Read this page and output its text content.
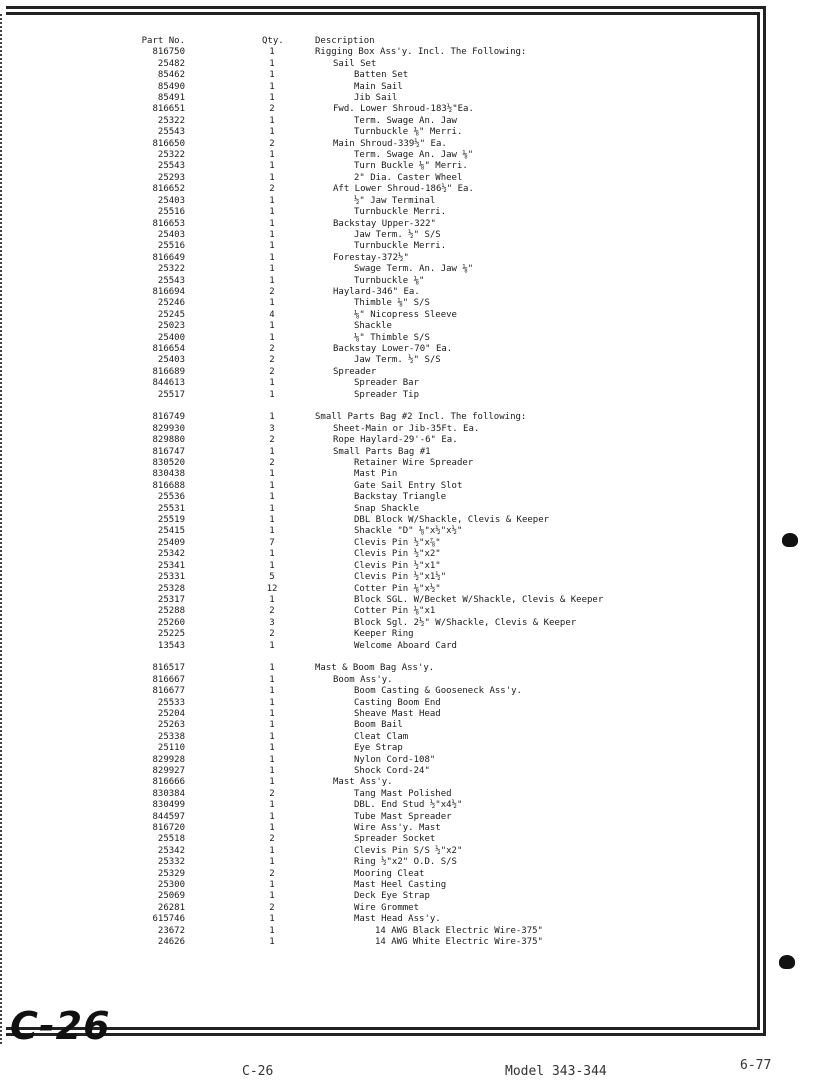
Part No.	Qty.	Description
816750	1	Rigging Box Ass'y. Incl. The Following:
25482	1	Sail Set
85462	1	Batten Set
85490	1	Main Sail
85491	1	Jib Sail
816651	2	Fwd. Lower Shroud-183½"Ea.
25322	1	Term. Swage An. Jaw
25543	1	Turnbuckle ⅛" Merri.
816650	2	Main Shroud-339½" Ea.
25322	1	Term. Swage An. Jaw ⅛"
25543	1	Turn Buckle ⅛" Merri.
25293	1	2" Dia. Caster Wheel
816652	2	Aft Lower Shroud-186½" Ea.
25403	1	½" Jaw Terminal
25516	1	Turnbuckle Merri.
816653	1	Backstay Upper-322"
25403	1	Jaw Term. ½" S/S
25516	1	Turnbuckle Merri.
816649	1	Forestay-372½"
25322	1	Swage Term. An. Jaw ⅛"
25543	1	Turnbuckle ⅛"
816694	2	Haylard-346" Ea.
25246	1	Thimble ⅛" S/S
25245	4	⅛" Nicopress Sleeve
25023	1	Shackle
25400	1	⅛" Thimble S/S
816654	2	Backstay Lower-70" Ea.
25403	2	Jaw Term. ½" S/S
816689	2	Spreader
844613	1	Spreader Bar
25517	1	Spreader Tip
816749	1	Small Parts Bag #2 Incl. The following:
829930	3	Sheet-Main or Jib-35Ft. Ea.
829880	2	Rope Haylard-29'-6" Ea.
816747	1	Small Parts Bag #1
830520	2	Retainer Wire Spreader
830438	1	Mast Pin
816688	1	Gate Sail Entry Slot
25536	1	Backstay Triangle
25531	1	Snap Shackle
25519	1	DBL Block W/Shackle, Clevis & Keeper
25415	1	Shackle "D" ⅛"x½"x½"
25409	7	Clevis Pin ½"x⅞"
25342	1	Clevis Pin ½"x2"
25341	1	Clevis Pin ½"x1"
25331	5	Clevis Pin ½"x1½"
25328	12	Cotter Pin ⅛"x½"
25317	1	Block SGL. W/Becket W/Shackle, Clevis & Keeper
25288	2	Cotter Pin ⅛"x1
25260	3	Block Sgl. 2½" W/Shackle, Clevis & Keeper
25225	2	Keeper Ring
13543	1	Welcome Aboard Card
816517	1	Mast & Boom Bag Ass'y.
816667	1	Boom Ass'y.
816677	1	Boom Casting & Gooseneck Ass'y.
25533	1	Casting Boom End
25204	1	Sheave Mast Head
25263	1	Boom Bail
25338	1	Cleat Clam
25110	1	Eye Strap
829928	1	Nylon Cord-108"
829927	1	Shock Cord-24"
816666	1	Mast Ass'y.
830384	2	Tang Mast Polished
830499	1	DBL. End Stud ½"x4½"
844597	1	Tube Mast Spreader
816720	1	Wire Ass'y. Mast
25518	2	Spreader Socket
25342	1	Clevis Pin S/S ½"x2"
25332	1	Ring ½"x2" O.D. S/S
25329	2	Mooring Cleat
25300	1	Mast Heel Casting
25069	1	Deck Eye Strap
26281	2	Wire Grommet
615746	1	Mast Head Ass'y.
23672	1	14 AWG Black Electric Wire-375"
24626	1	14 AWG White Electric Wire-375"
C-26
C-26	Model 343-344	6-77
